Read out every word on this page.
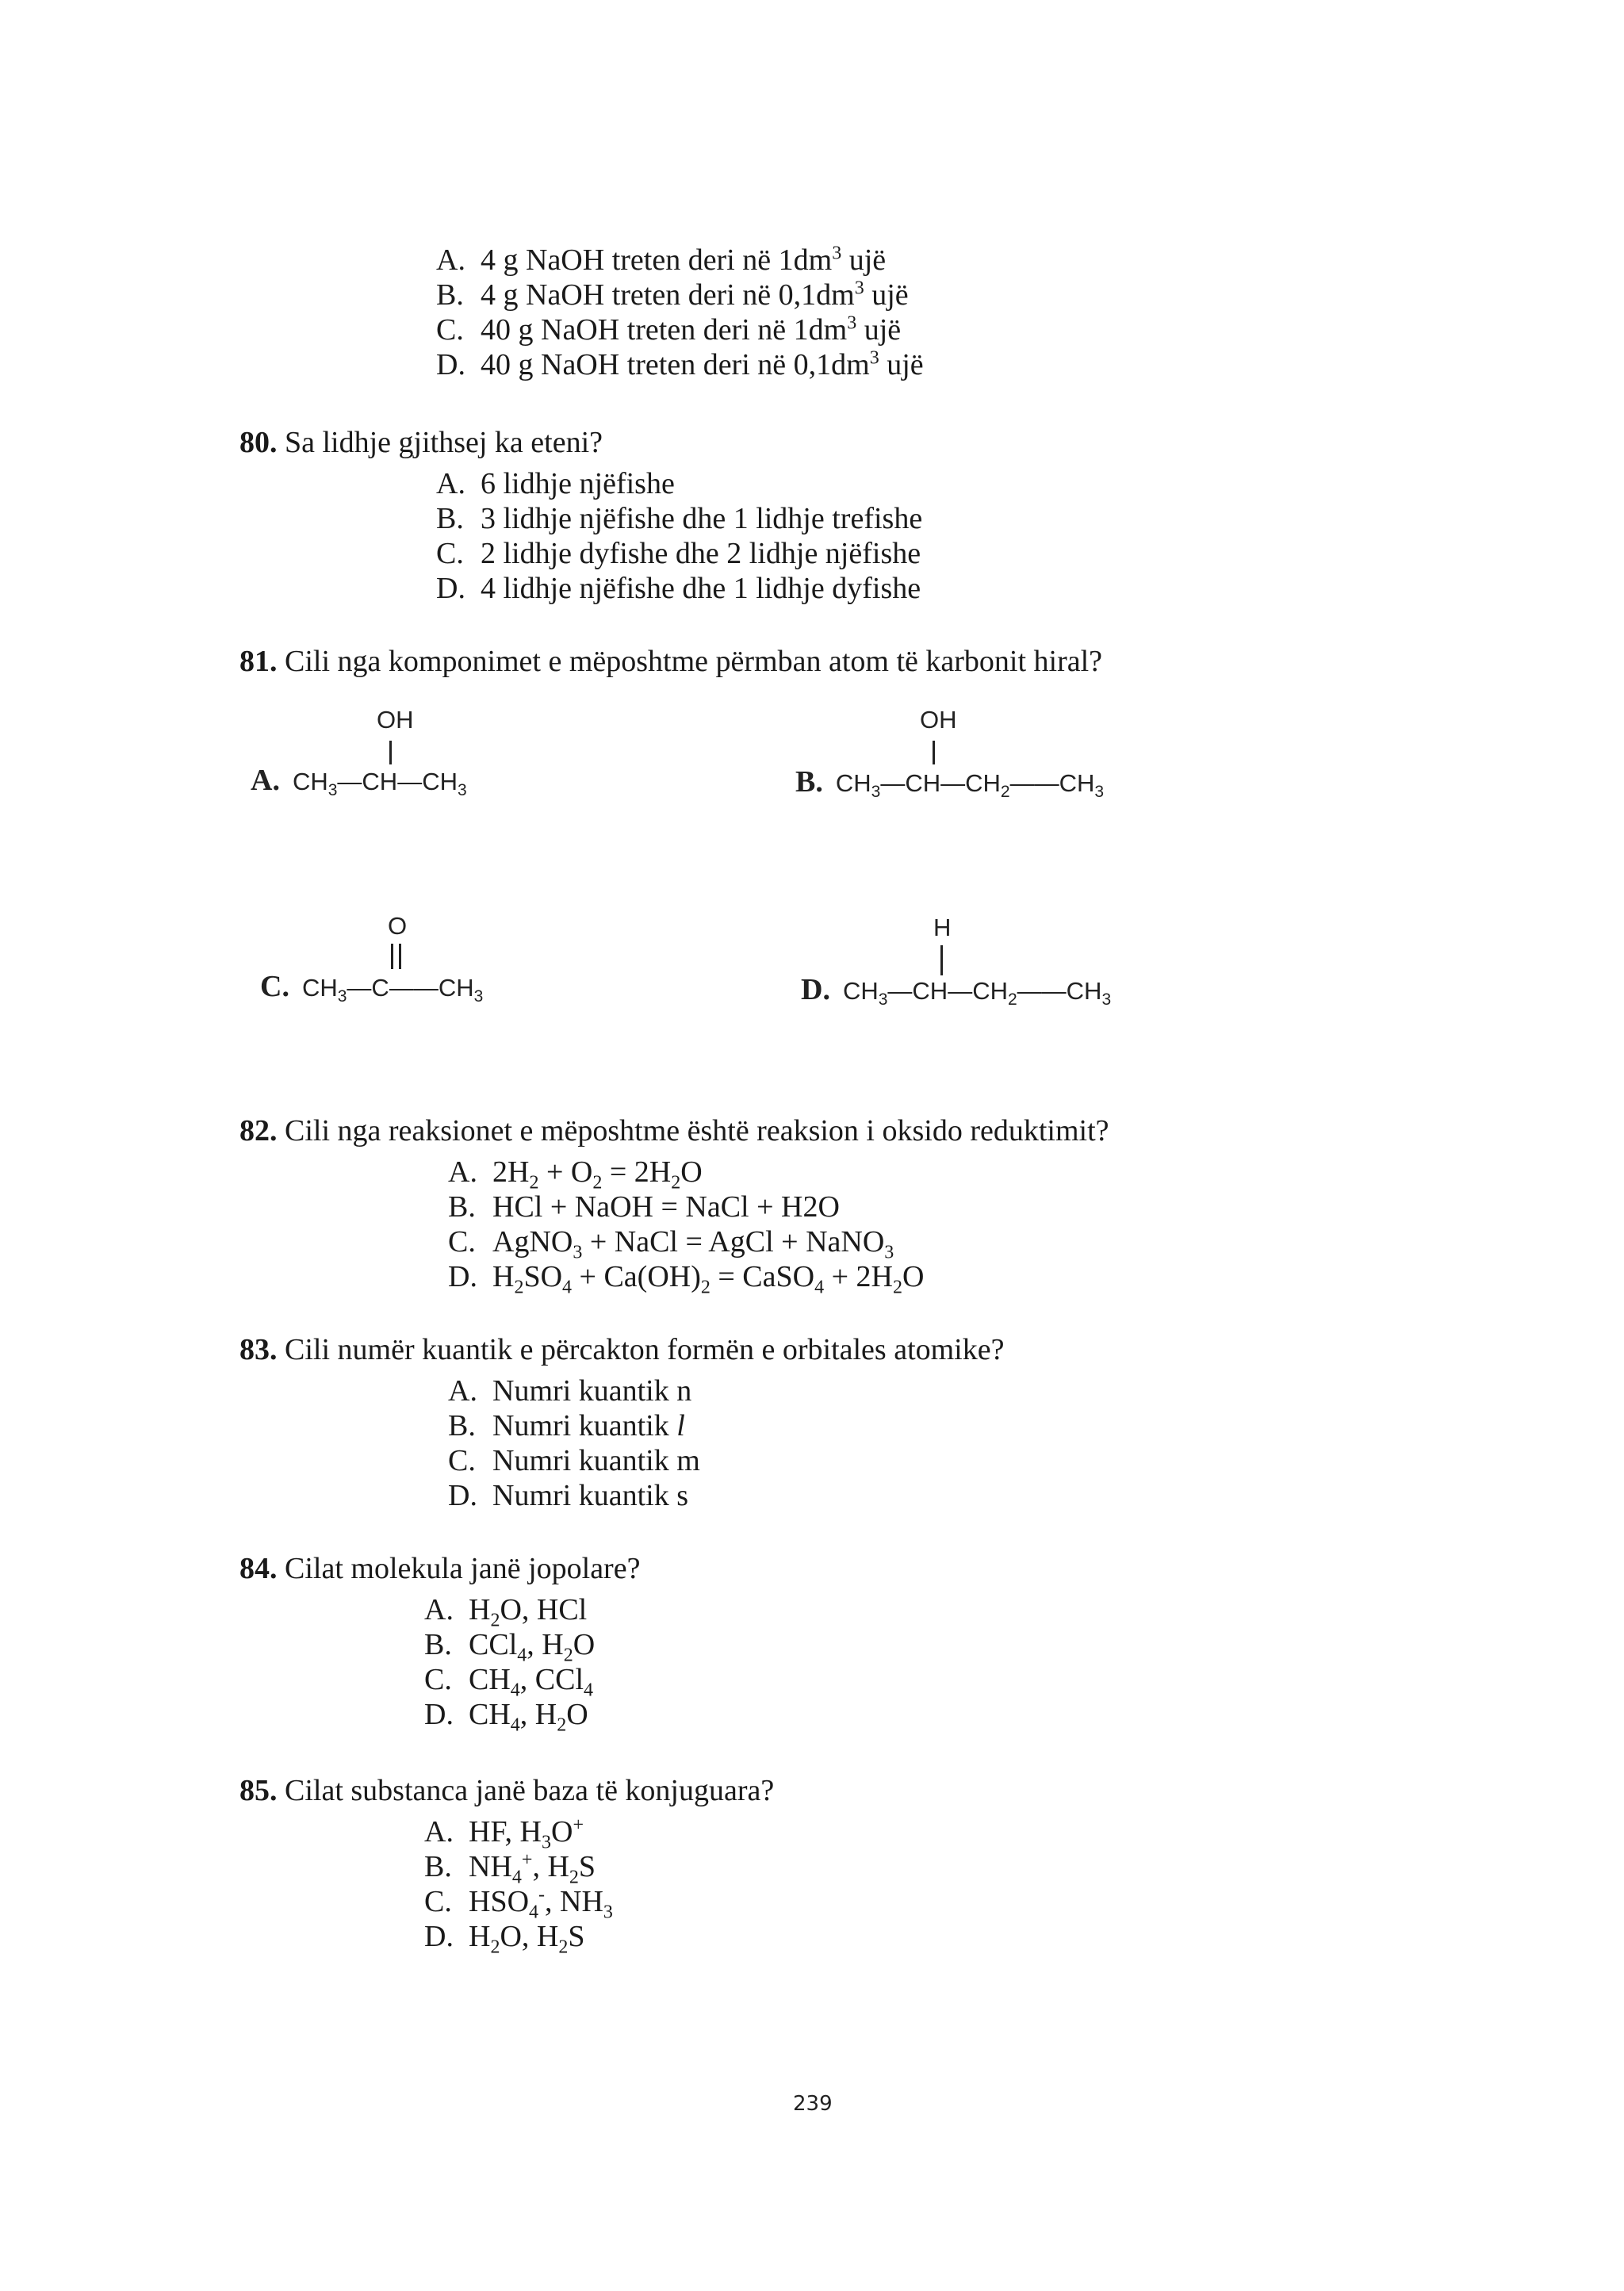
A. 4 g NaOH treten deri në $1dm^3$ ujë
B. 4 g NaOH treten deri në $0,1dm^3$ ujë
C. 40 g NaOH treten deri në $1dm^3$ ujë
D. 40 g NaOH treten deri në $0,1dm^3$ ujë
80. Sa lidhje gjithsej ka eteni?
A. 6 lidhje njëfishe
B. 3 lidhje njëfishe dhe 1 lidhje trefishe
C. 2 lidhje dyfishe dhe 2 lidhje njëfishe
D. 4 lidhje njëfishe dhe 1 lidhje dyfishe
81. Cili nga komponimet e mëposhtme përmban atom të karbonit hiral?
OH
A. $CH_3—CH—CH_3$
OH
B. $CH_3—CH—CH_2——CH_3$
O
C. $CH_3—C——CH_3$
H
D. $CH_3—CH—CH_2——CH_3$
82. Cili nga reaksionet e mëposhtme është reaksion i oksido reduktimit?
A. $2H_2 + O_2 = 2H_2O$
B. HCl + NaOH = NaCl + H2O
C. AgNO$_3$ + NaCl = AgCl + NaNO$_3$
D. $H_2SO_4 + Ca(OH)_2$ = CaSO$_4$ + $2H_2O$
83. Cili numër kuantik e përcakton formën e orbitales atomike?
A. Numri kuantik n
B. Numri kuantik l
C. Numri kuantik m
D. Numri kuantik s
84. Cilat molekula janë jopolare?
A. $H_2O$, HCl
B. CCl$_4$, $H_2O$
C. $CH_4$, CCl$_4$
D. $CH_4$, $H_2O$
85. Cilat substanca janë baza të konjuguara?
A. HF, $H_3O^+$
B. $NH_4^+$, $H_2S$
C. $HSO_4^-$, $NH_3$
D. $H_2O$, $H_2S$
239
